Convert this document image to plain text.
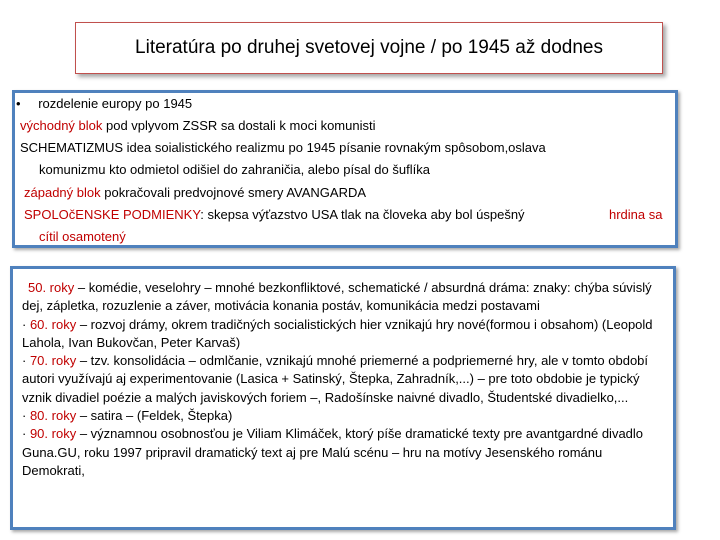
Literatúra po druhej svetovej vojne / po 1945 až dodnes
• rozdelenie europy po 1945
východný blok pod vplyvom ZSSR sa dostali k moci komunisti
SCHEMATIZMUS idea soialistického realizmu po 1945 písanie rovnakým spôsobom,oslava
komunizmu kto odmietol odišiel do zahraničia, alebo písal do šuflíka
západný blok pokračovali predvojnové smery AVANGARDA
SPOLOčENSKE PODMIENKY: skepsa výťazstvo USA tlak na človeka aby bol úspešný	hrdina sa
cítil osamotený

50. roky – komédie, veselohry – mnohé bezkonfliktové, schematické / absurdná dráma: znaky: chýba súvislý dej, zápletka, rozuzlenie a záver, motivácia konania postáv, komunikácia medzi postavami

· 60. roky – rozvoj drámy, okrem tradičných socialistických hier vznikajú hry nové(formou i obsahom) (Leopold Lahola, Ivan Bukovčan, Peter Karvaš)

· 70. roky – tzv. konsolidácia – odmlčanie, vznikajú mnohé priemerné a podpriemerné hry, ale v tomto období autori využívajú aj experimentovanie (Lasica + Satinský, Štepka, Zahradník,...) – pre toto obdobie je typický vznik divadiel poézie a malých javiskových foriem –, Radošínske naivné divadlo, Študentské divadielko,...

· 80. roky – satira – (Feldek, Štepka)

· 90. roky – významnou osobnosťou je Viliam Klimáček, ktorý píše dramatické texty pre avantgardné divadlo Guna.GU, roku 1997 pripravil dramatický text aj pre Malú scénu – hru na motívy Jesenského románu Demokrati,
